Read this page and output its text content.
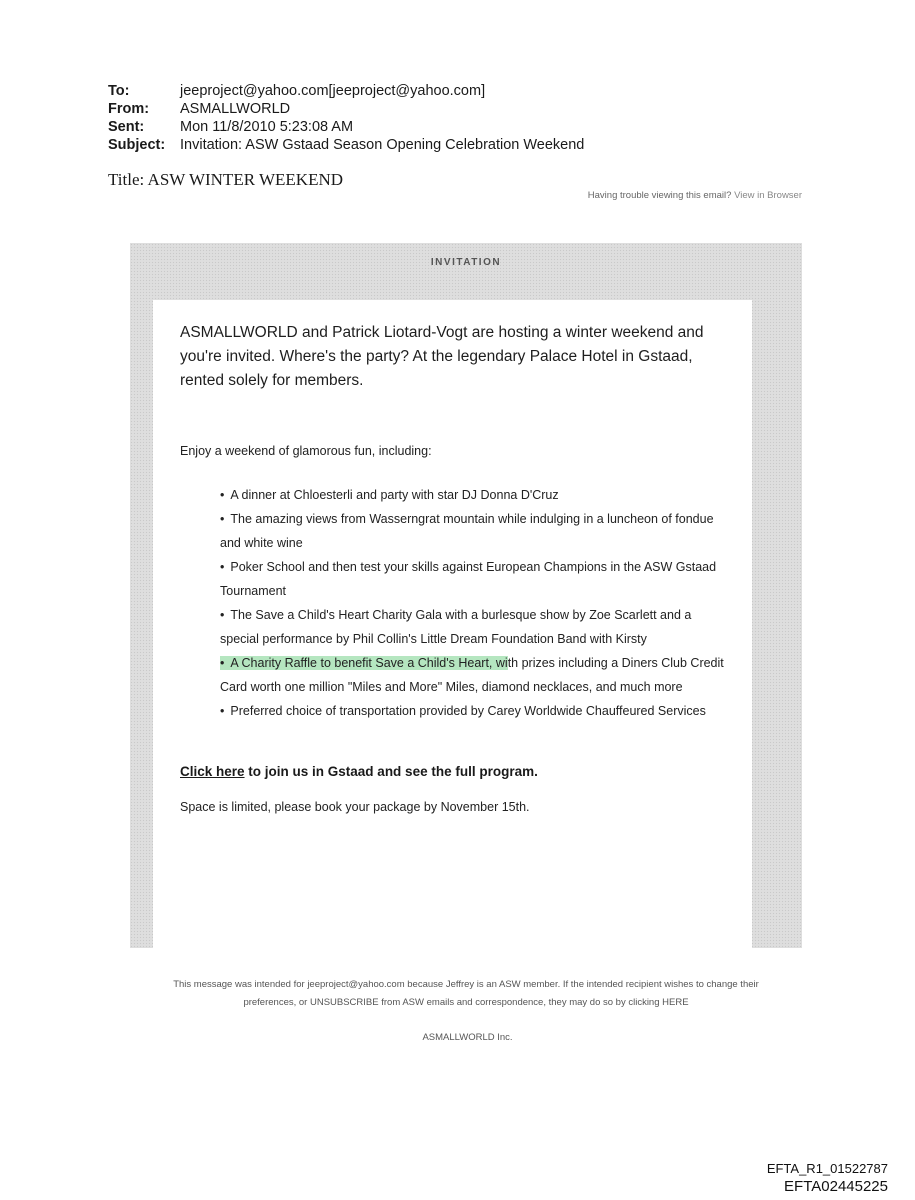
To:	jeeproject@yahoo.com[jeeproject@yahoo.com]
From:	ASMALLWORLD
Sent:	Mon 11/8/2010 5:23:08 AM
Subject:	Invitation: ASW Gstaad Season Opening Celebration Weekend
Title: ASW WINTER WEEKEND
Having trouble viewing this email? View in Browser
INVITATION

ASMALLWORLD and Patrick Liotard-Vogt are hosting a winter weekend and you're invited. Where's the party? At the legendary Palace Hotel in Gstaad, rented solely for members.

Enjoy a weekend of glamorous fun, including:

• A dinner at Chloesterli and party with star DJ Donna D'Cruz
• The amazing views from Wasserngrat mountain while indulging in a luncheon of fondue and white wine
• Poker School and then test your skills against European Champions in the ASW Gstaad Tournament
• The Save a Child's Heart Charity Gala with a burlesque show by Zoe Scarlett and a special performance by Phil Collin's Little Dream Foundation Band with Kirsty
• A Charity Raffle to benefit Save a Child's Heart, with prizes including a Diners Club Credit Card worth one million "Miles and More" Miles, diamond necklaces, and much more
• Preferred choice of transportation provided by Carey Worldwide Chauffeured Services

Click here to join us in Gstaad and see the full program.

Space is limited, please book your package by November 15th.

This message was intended for jeeproject@yahoo.com because Jeffrey is an ASW member. If the intended recipient wishes to change their preferences, or UNSUBSCRIBE from ASW emails and correspondence, they may do so by clicking HERE
ASMALLWORLD Inc.
EFTA_R1_01522787
EFTA02445225
